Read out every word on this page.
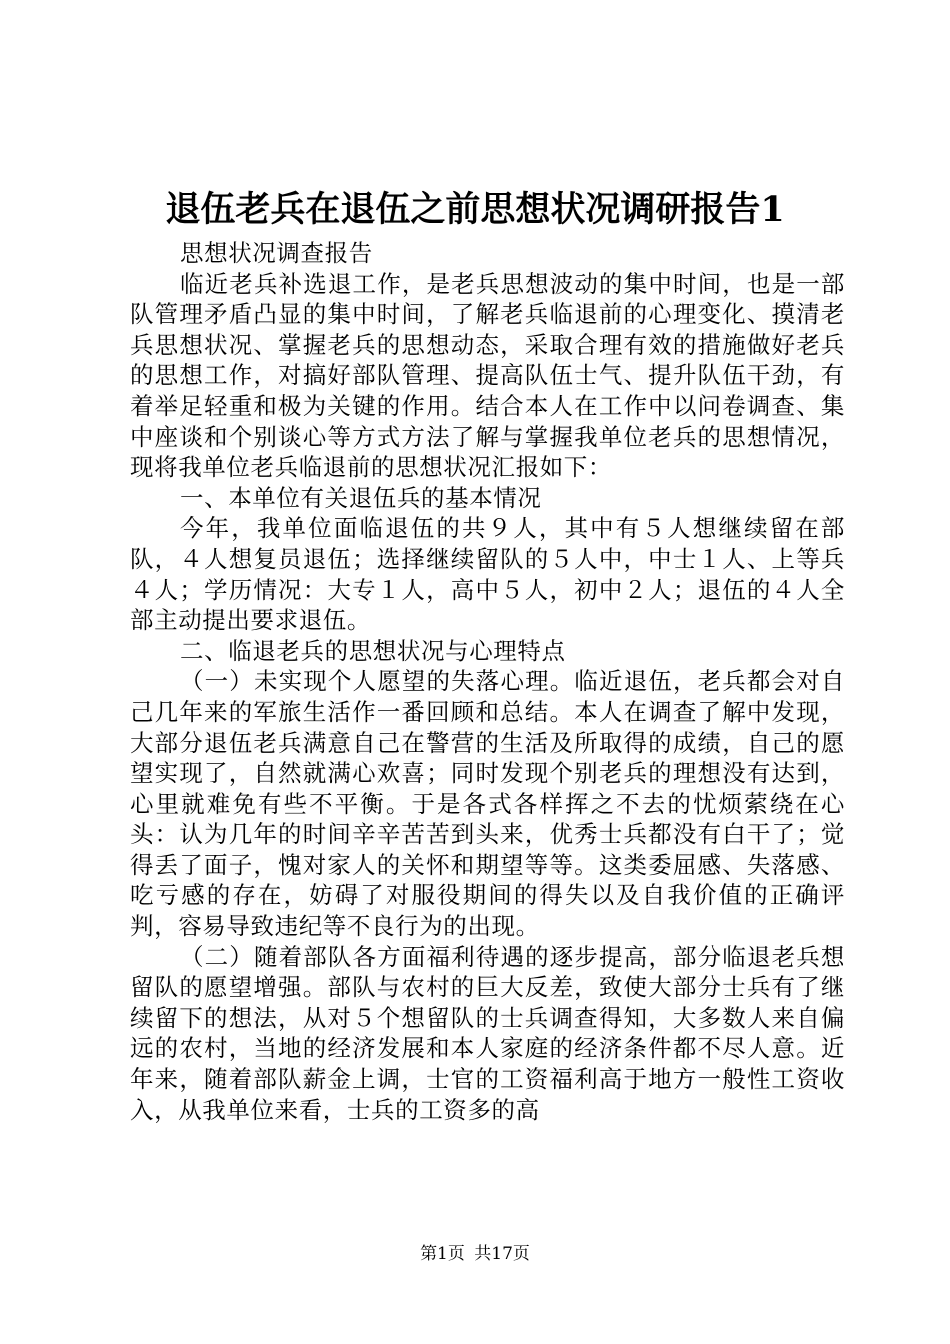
退伍老兵在退伍之前思想状况调研报告1

思想状况调查报告

临近老兵补选退工作，是老兵思想波动的集中时间，也是一部队管理矛盾凸显的集中时间，了解老兵临退前的心理变化、摸清老兵思想状况、掌握老兵的思想动态，采取合理有效的措施做好老兵的思想工作，对搞好部队管理、提高队伍士气、提升队伍干劲，有着举足轻重和极为关键的作用。结合本人在工作中以问卷调查、集中座谈和个别谈心等方式方法了解与掌握我单位老兵的思想情况，现将我单位老兵临退前的思想状况汇报如下：

一、本单位有关退伍兵的基本情况

今年，我单位面临退伍的共９人，其中有５人想继续留在部队，４人想复员退伍；选择继续留队的５人中，中士１人、上等兵４人；学历情况：大专１人，高中５人，初中２人；退伍的４人全部主动提出要求退伍。

二、临退老兵的思想状况与心理特点

（一）未实现个人愿望的失落心理。临近退伍，老兵都会对自己几年来的军旅生活作一番回顾和总结。本人在调查了解中发现，大部分退伍老兵满意自己在警营的生活及所取得的成绩，自己的愿望实现了，自然就满心欢喜；同时发现个别老兵的理想没有达到，心里就难免有些不平衡。于是各式各样挥之不去的忧烦萦绕在心头：认为几年的时间辛辛苦苦到头来，优秀士兵都没有白干了；觉得丢了面子，愧对家人的关怀和期望等等。这类委屈感、失落感、吃亏感的存在，妨碍了对服役期间的得失以及自我价值的正确评判，容易导致违纪等不良行为的出现。

（二）随着部队各方面福利待遇的逐步提高，部分临退老兵想留队的愿望增强。部队与农村的巨大反差，致使大部分士兵有了继续留下的想法，从对５个想留队的士兵调查得知，大多数人来自偏远的农村，当地的经济发展和本人家庭的经济条件都不尽人意。近年来，随着部队薪金上调，士官的工资福利高于地方一般性工资收入，从我单位来看，士兵的工资多的高

第1页 共17页
